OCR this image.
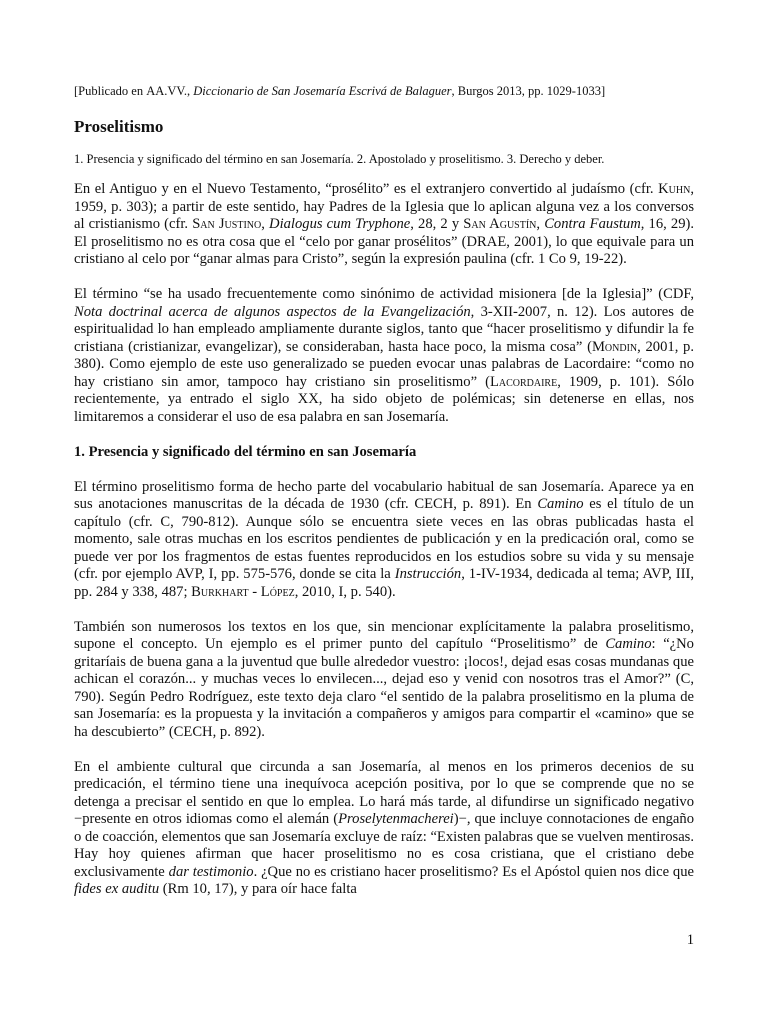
[Publicado en AA.VV., Diccionario de San Josemaría Escrivá de Balaguer, Burgos 2013, pp. 1029-1033]
Proselitismo
1. Presencia y significado del término en san Josemaría. 2. Apostolado y proselitismo. 3. Derecho y deber.

En el Antiguo y en el Nuevo Testamento, “prosélito” es el extranjero convertido al judaísmo (cfr. Kuhn, 1959, p. 303); a partir de este sentido, hay Padres de la Iglesia que lo aplican alguna vez a los conversos al cristianismo (cfr. San Justino, Dialogus cum Tryphone, 28, 2 y San Agustín, Contra Faustum, 16, 29). El proselitismo no es otra cosa que el “celo por ganar prosélitos” (DRAE, 2001), lo que equivale para un cristiano al celo por “ganar almas para Cristo”, según la expresión paulina (cfr. 1 Co 9, 19-22).

El término “se ha usado frecuentemente como sinónimo de actividad misionera [de la Iglesia]” (CDF, Nota doctrinal acerca de algunos aspectos de la Evangelización, 3-XII-2007, n. 12). Los autores de espiritualidad lo han empleado ampliamente durante siglos, tanto que “hacer proselitismo y difundir la fe cristiana (cristianizar, evangelizar), se consideraban, hasta hace poco, la misma cosa” (Mondin, 2001, p. 380). Como ejemplo de este uso generalizado se pueden evocar unas palabras de Lacordaire: “como no hay cristiano sin amor, tampoco hay cristiano sin proselitismo” (Lacordaire, 1909, p. 101). Sólo recientemente, ya entrado el siglo XX, ha sido objeto de polémicas; sin detenerse en ellas, nos limitaremos a considerar el uso de esa palabra en san Josemaría.

1. Presencia y significado del término en san Josemaría

El término proselitismo forma de hecho parte del vocabulario habitual de san Josemaría. Aparece ya en sus anotaciones manuscritas de la década de 1930 (cfr. CECH, p. 891). En Camino es el título de un capítulo (cfr. C, 790-812). Aunque sólo se encuentra siete veces en las obras publicadas hasta el momento, sale otras muchas en los escritos pendientes de publicación y en la predicación oral, como se puede ver por los fragmentos de estas fuentes reproducidos en los estudios sobre su vida y su mensaje (cfr. por ejemplo AVP, I, pp. 575-576, donde se cita la Instrucción, 1-IV-1934, dedicada al tema; AVP, III, pp. 284 y 338, 487; Burkhart - López, 2010, I, p. 540).

También son numerosos los textos en los que, sin mencionar explícitamente la palabra proselitismo, supone el concepto. Un ejemplo es el primer punto del capítulo “Proselitismo” de Camino: “¿No gritaríais de buena gana a la juventud que bulle alrededor vuestro: ¡locos!, dejad esas cosas mundanas que achican el corazón... y muchas veces lo envilecen..., dejad eso y venid con nosotros tras el Amor?” (C, 790). Según Pedro Rodríguez, este texto deja claro “el sentido de la palabra proselitismo en la pluma de san Josemaría: es la propuesta y la invitación a compañeros y amigos para compartir el «camino» que se ha descubierto” (CECH, p. 892).

En el ambiente cultural que circunda a san Josemaría, al menos en los primeros decenios de su predicación, el término tiene una inequívoca acepción positiva, por lo que se comprende que no se detenga a precisar el sentido en que lo emplea. Lo hará más tarde, al difundirse un significado negativo −presente en otros idiomas como el alemán (Proselytenmacherei)−, que incluye connotaciones de engaño o de coacción, elementos que san Josemaría excluye de raíz: “Existen palabras que se vuelven mentirosas. Hay hoy quienes afirman que hacer proselitismo no es cosa cristiana, que el cristiano debe exclusivamente dar testimonio. ¿Que no es cristiano hacer proselitismo? Es el Apóstol quien nos dice que fides ex auditu (Rm 10, 17), y para oír hace falta

1
